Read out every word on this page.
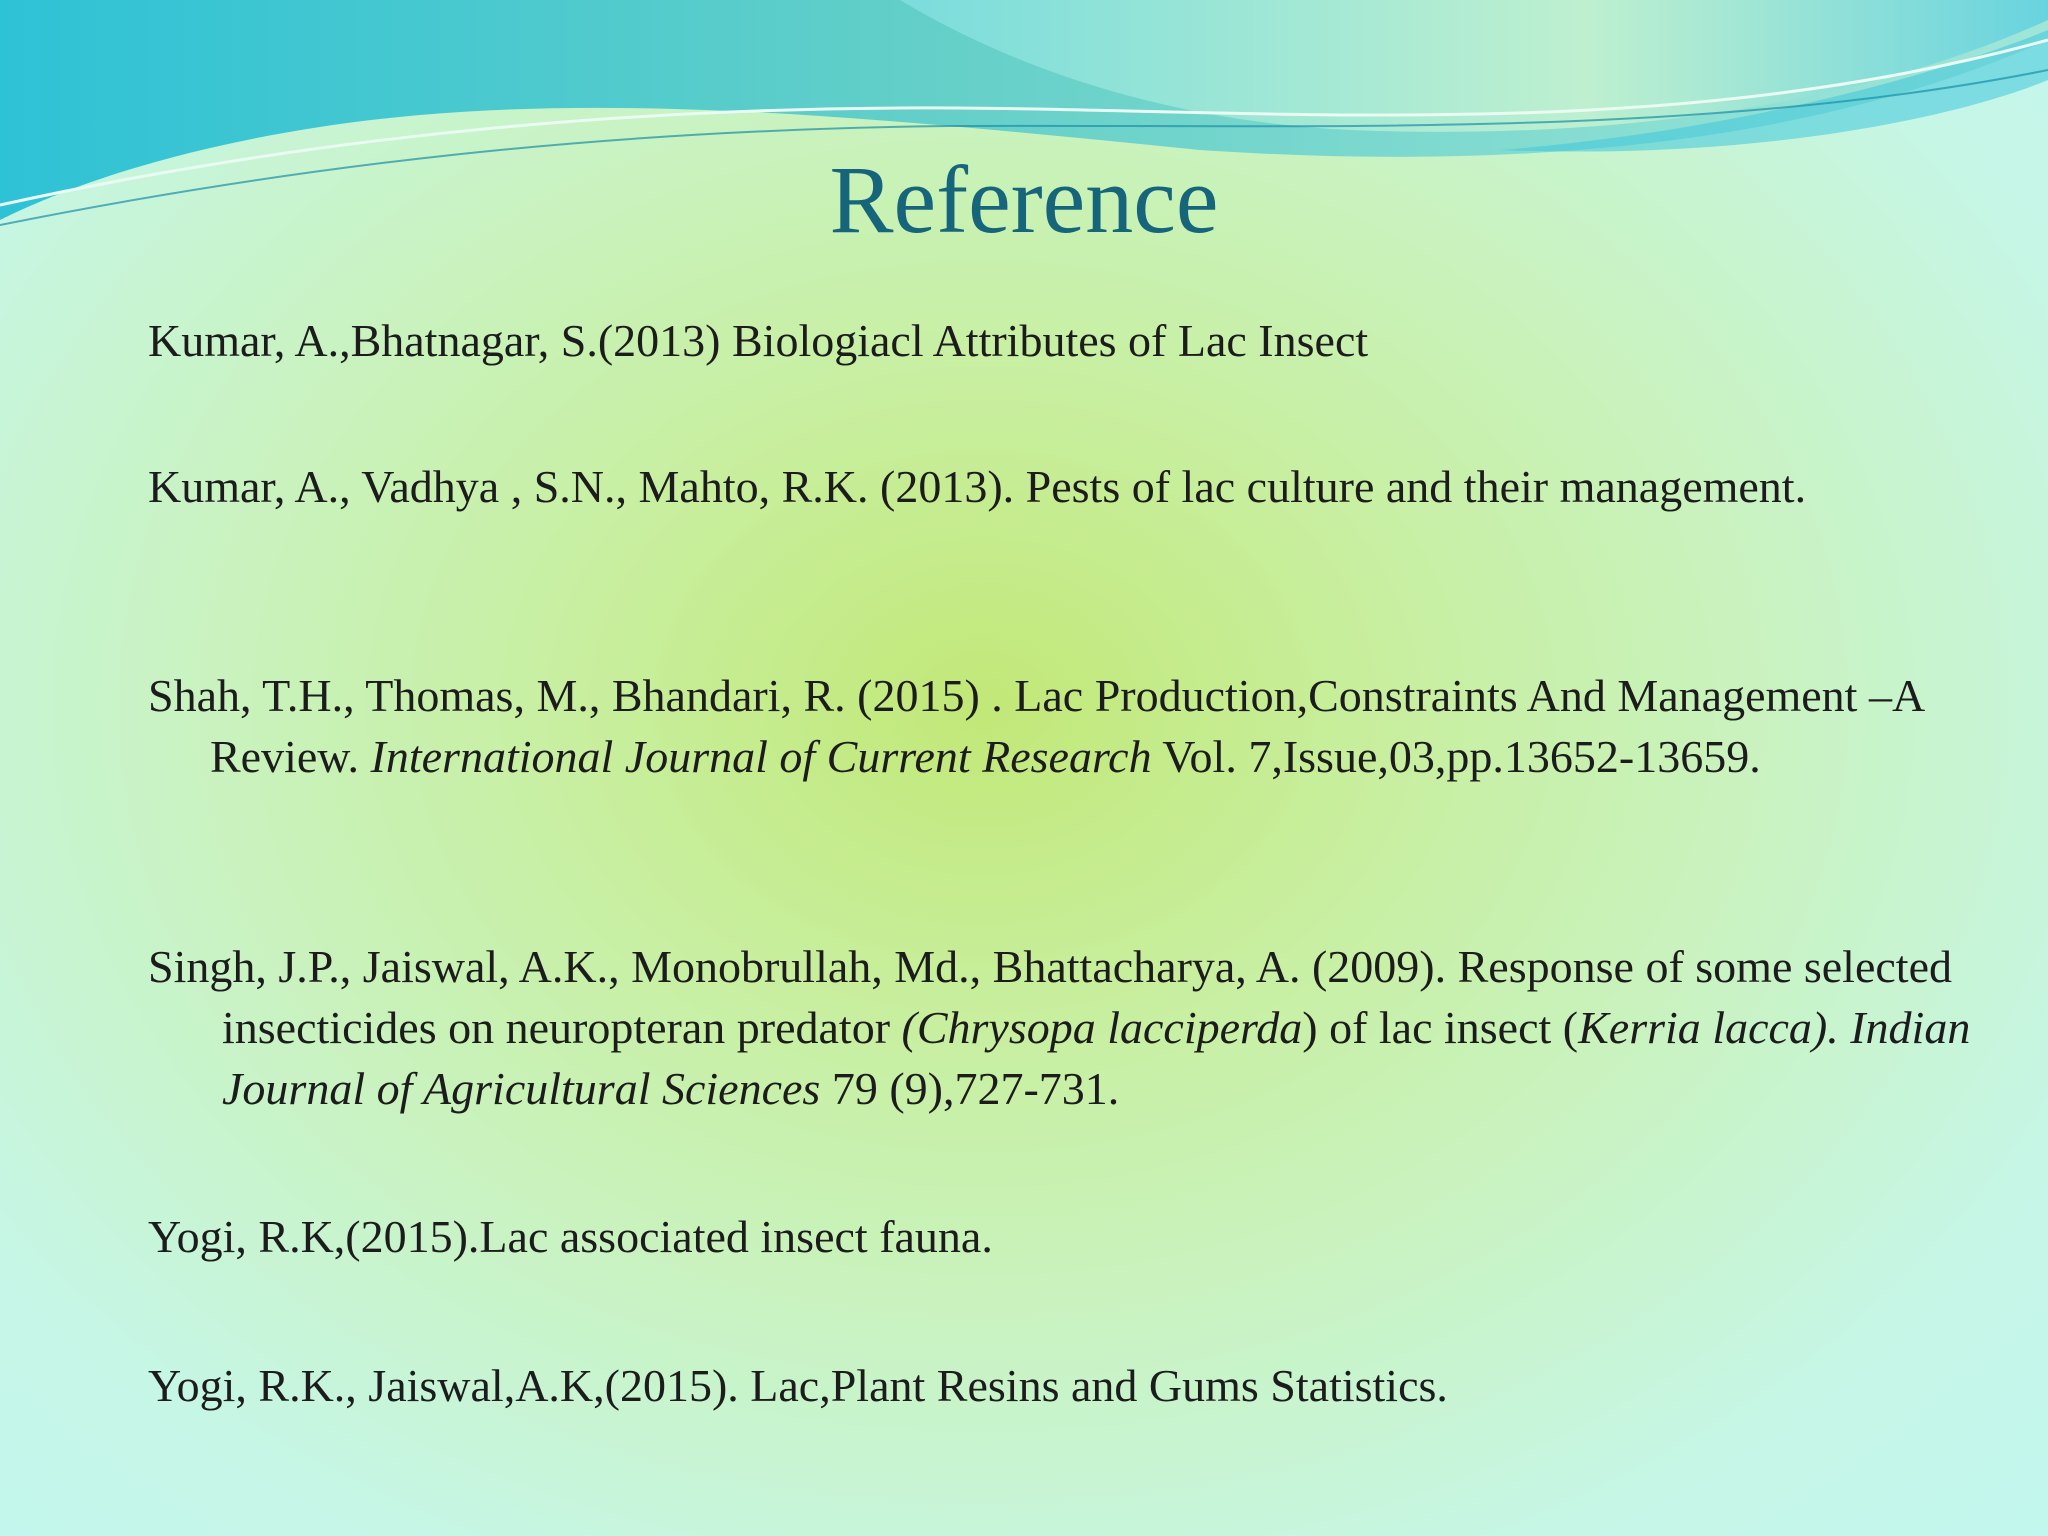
Reference

Kumar, A.,Bhatnagar, S.(2013) Biologiacl Attributes of Lac Insect

Kumar, A., Vadhya , S.N., Mahto, R.K. (2013). Pests of lac culture and their management.

Shah, T.H., Thomas, M., Bhandari, R. (2015) . Lac Production,Constraints And Management –A Review. International Journal of Current Research Vol. 7,Issue,03,pp.13652-13659.

Singh, J.P., Jaiswal, A.K., Monobrullah, Md., Bhattacharya, A. (2009). Response of some selected insecticides on neuropteran predator (Chrysopa lacciperda) of lac insect (Kerria lacca). Indian Journal of Agricultural Sciences 79 (9),727-731.

Yogi, R.K,(2015).Lac associated insect fauna.

Yogi, R.K., Jaiswal,A.K,(2015). Lac,Plant Resins and Gums Statistics.
